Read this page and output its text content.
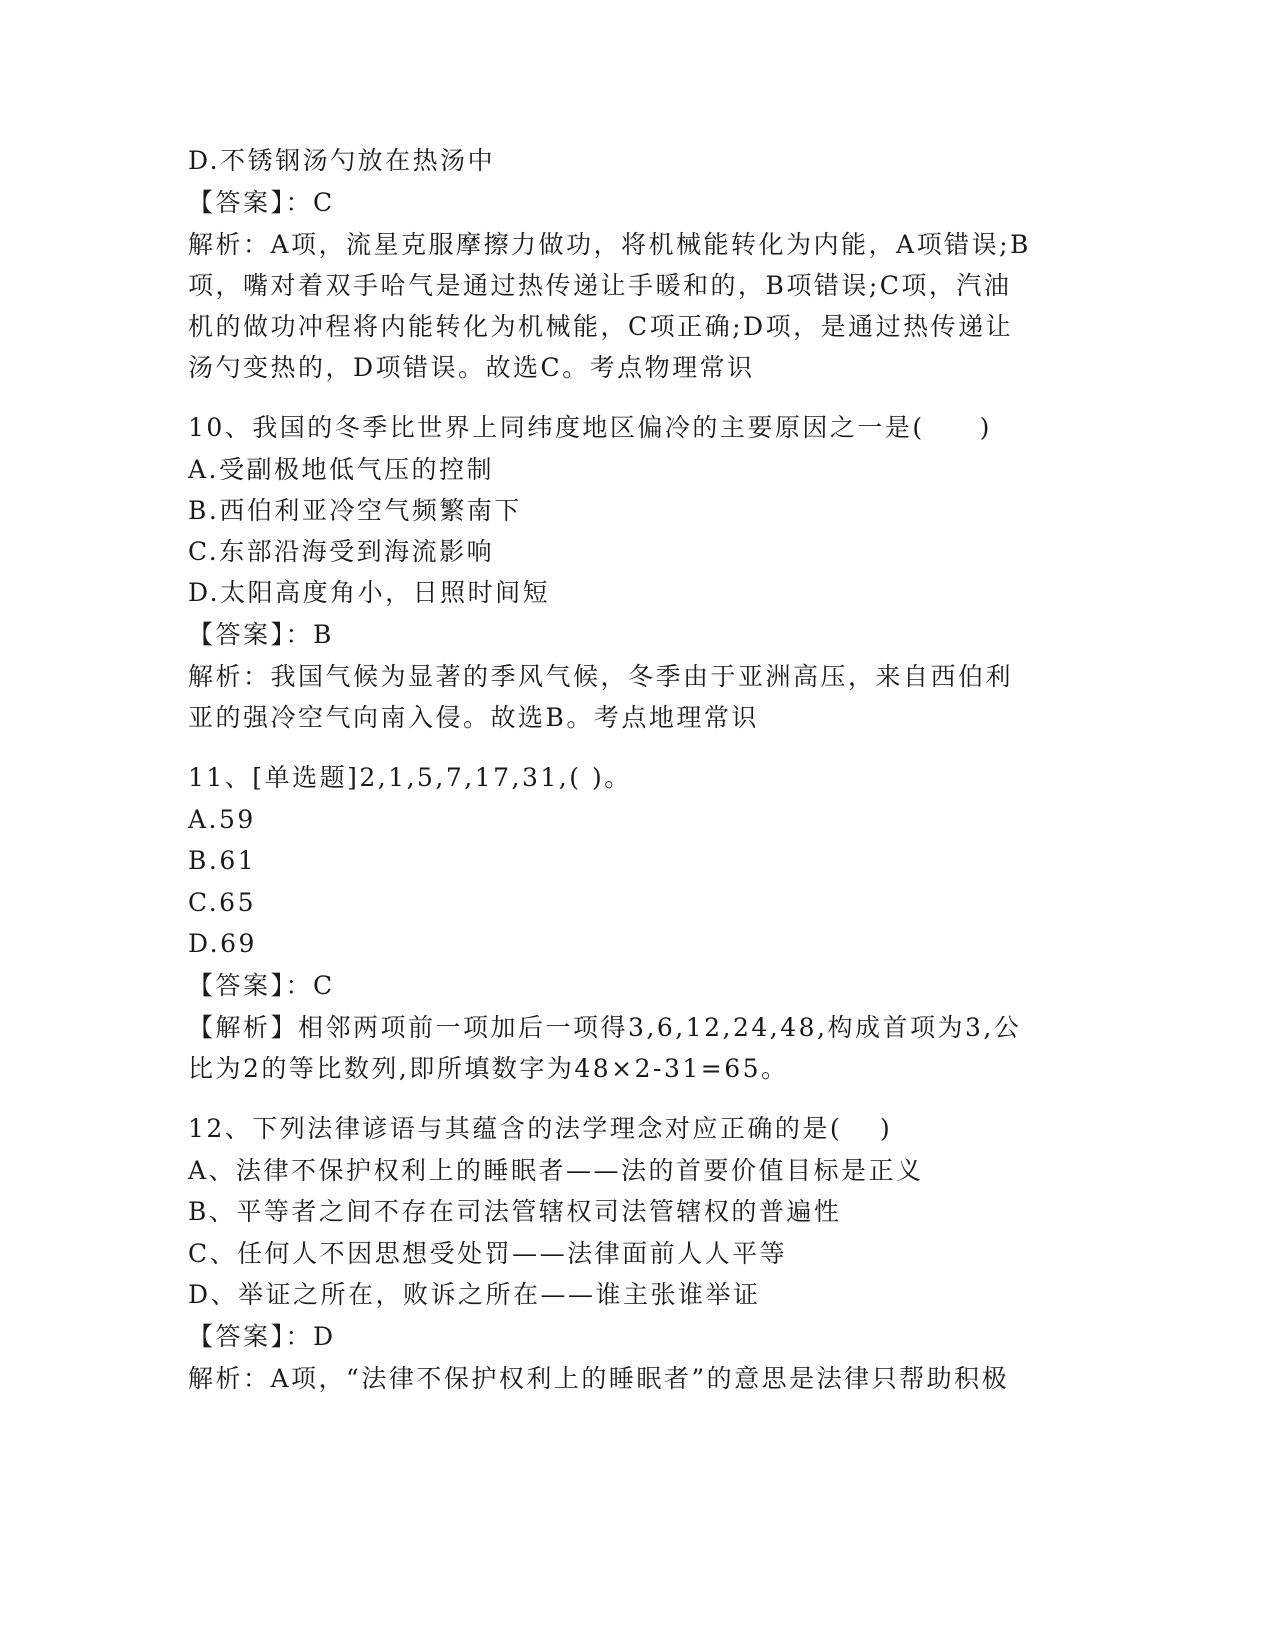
D.不锈钢汤勺放在热汤中
【答案】：C
解析：A项，流星克服摩擦力做功，将机械能转化为内能，A项错误;B
项，嘴对着双手哈气是通过热传递让手暖和的，B项错误;C项，汽油
机的做功冲程将内能转化为机械能，C项正确;D项，是通过热传递让
汤勺变热的，D项错误。故选C。考点物理常识
10、我国的冬季比世界上同纬度地区偏冷的主要原因之一是(　　)
A.受副极地低气压的控制
B.西伯利亚冷空气频繁南下
C.东部沿海受到海流影响
D.太阳高度角小，日照时间短
【答案】：B
解析：我国气候为显著的季风气候，冬季由于亚洲高压，来自西伯利
亚的强冷空气向南入侵。故选B。考点地理常识
11、[单选题]2,1,5,7,17,31,( )。
A.59
B.61
C.65
D.69
【答案】：C
【解析】相邻两项前一项加后一项得3,6,12,24,48,构成首项为3,公
比为2的等比数列,即所填数字为48×2-31=65。
12、下列法律谚语与其蕴含的法学理念对应正确的是(　 )
A、法律不保护权利上的睡眠者——法的首要价值目标是正义
B、平等者之间不存在司法管辖权司法管辖权的普遍性
C、任何人不因思想受处罚——法律面前人人平等
D、举证之所在，败诉之所在——谁主张谁举证
【答案】：D
解析：A项，“法律不保护权利上的睡眠者”的意思是法律只帮助积极
